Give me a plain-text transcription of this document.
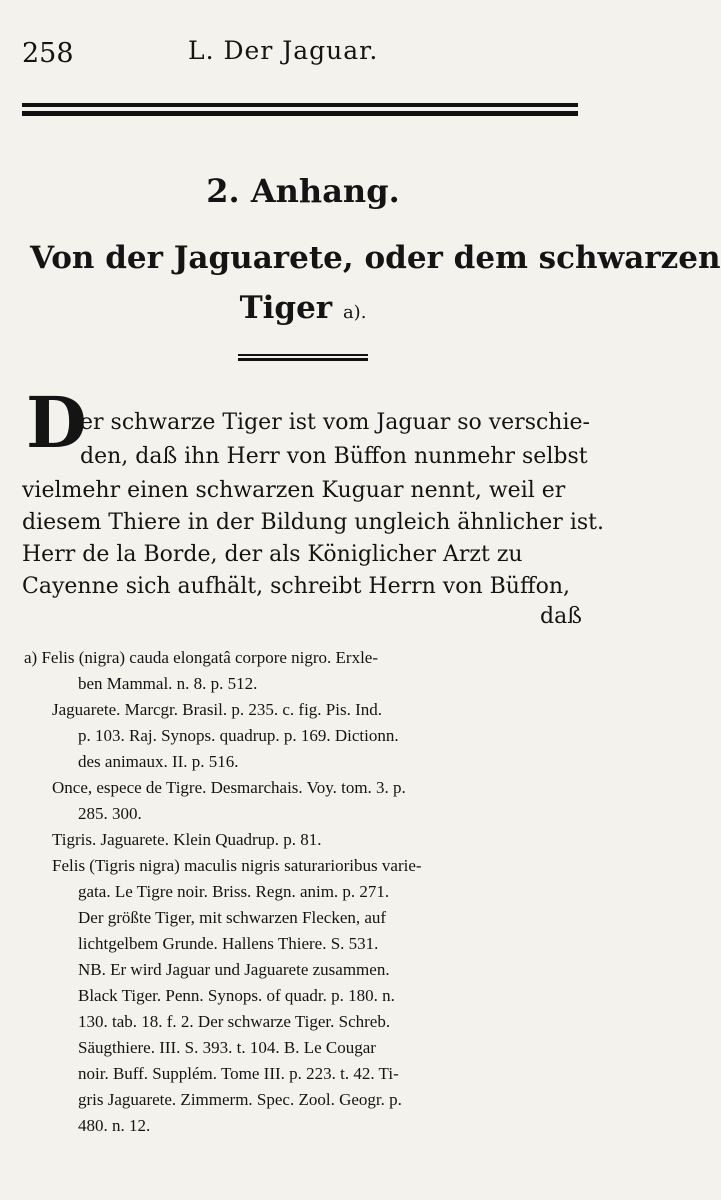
258	L. Der Jaguar.
2. Anhang.
Von der Jaguarete, oder dem schwarzen
Tiger a).
D
er schwarze Tiger ist vom Jaguar so verschie-
den, daß ihn Herr von Büffon nunmehr selbst
vielmehr einen schwarzen Kuguar nennt, weil er
diesem Thiere in der Bildung ungleich ähnlicher ist.
Herr de la Borde, der als Königlicher Arzt zu
Cayenne sich aufhält, schreibt Herrn von Büffon,
daß
a) Felis (nigra) cauda elongatâ corpore nigro. Erxle-
ben Mammal. n. 8. p. 512.
Jaguarete. Marcgr. Brasil. p. 235. c. fig. Pis. Ind.
p. 103. Raj. Synops. quadrup. p. 169. Dictionn.
des animaux. II. p. 516.
Once, espece de Tigre. Desmarchais. Voy. tom. 3. p.
285. 300.
Tigris. Jaguarete. Klein Quadrup. p. 81.
Felis (Tigris nigra) maculis nigris saturarioribus varie-
gata. Le Tigre noir. Briss. Regn. anim. p. 271.
Der größte Tiger, mit schwarzen Flecken, auf
lichtgelbem Grunde. Hallens Thiere. S. 531.
NB. Er wird Jaguar und Jaguarete zusammen.
Black Tiger. Penn. Synops. of quadr. p. 180. n.
130. tab. 18. f. 2. Der schwarze Tiger. Schreb.
Säugthiere. III. S. 393. t. 104. B. Le Cougar
noir. Buff. Supplém. Tome III. p. 223. t. 42. Ti-
gris Jaguarete. Zimmerm. Spec. Zool. Geogr. p.
480. n. 12.
